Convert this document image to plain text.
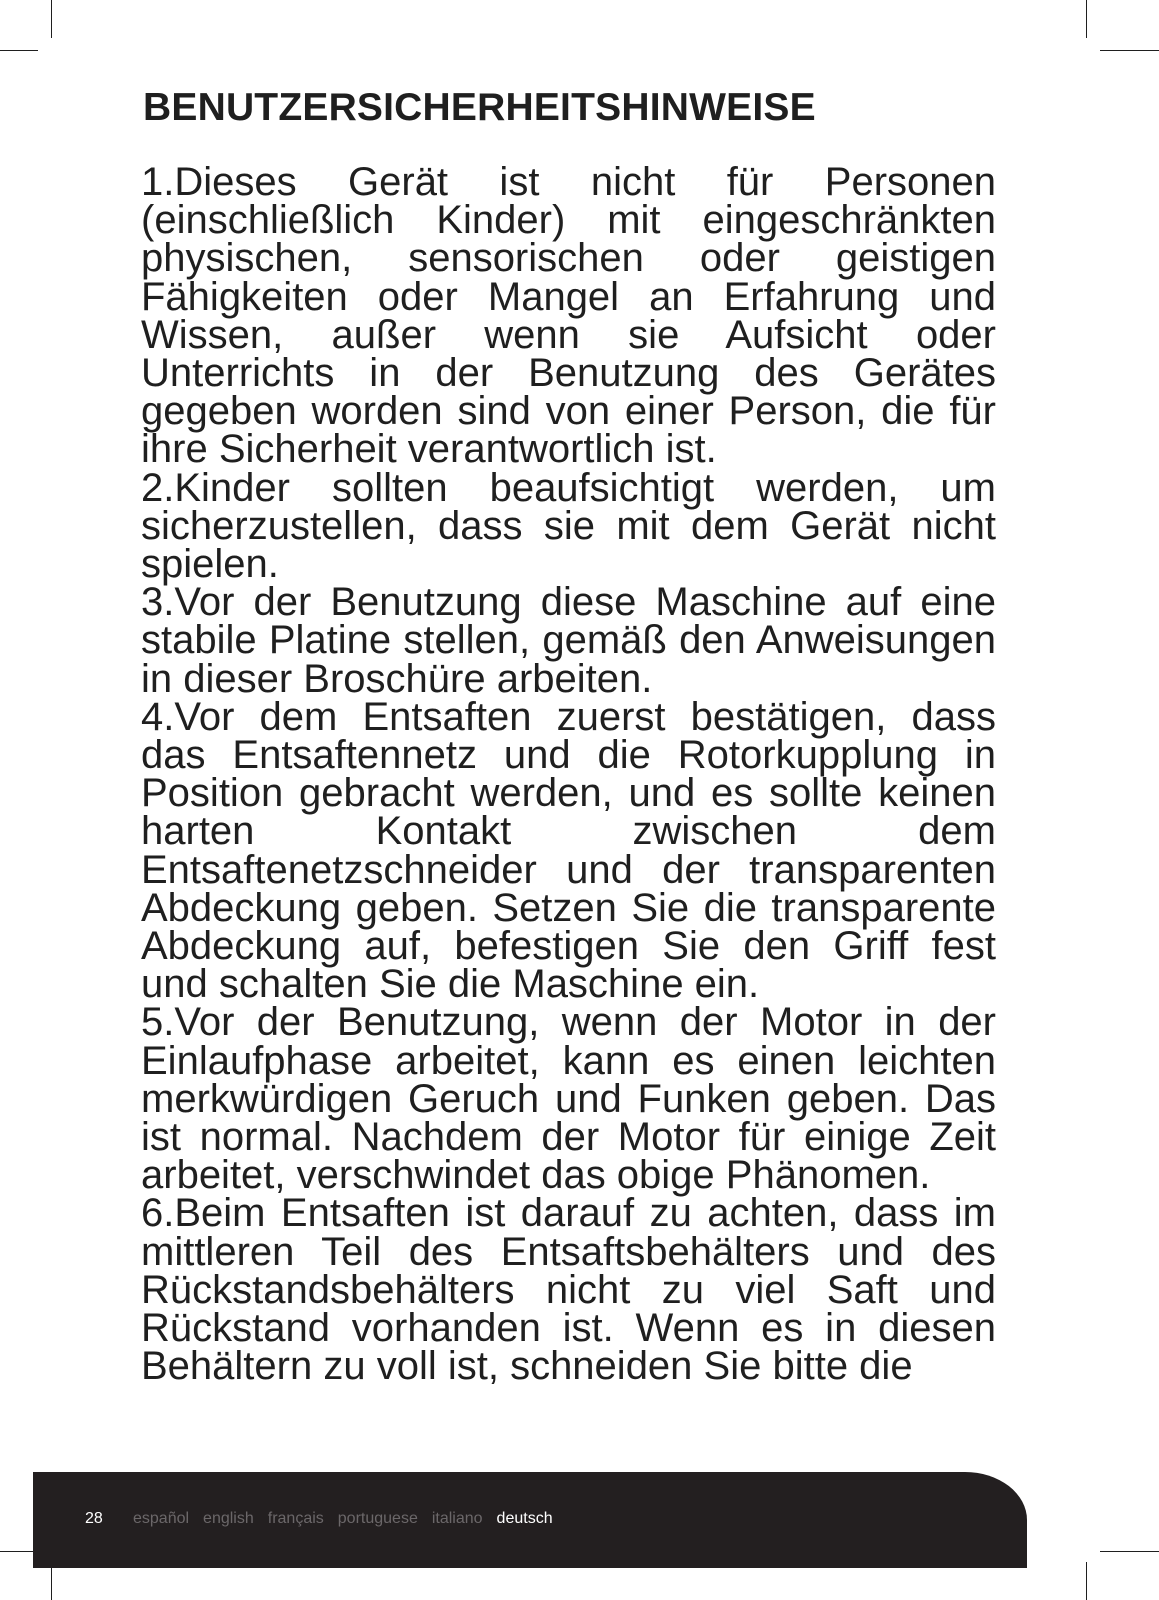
BENUTZERSICHERHEITSHINWEISE

1.Dieses Gerät ist nicht für Personen (einschließlich Kinder) mit eingeschränkten physischen, sensorischen oder geistigen Fähigkeiten oder Mangel an Erfahrung und Wissen, außer wenn sie Aufsicht oder Unterrichts in der Benutzung des Gerätes gegeben worden sind von einer Person, die für ihre Sicherheit verantwortlich ist.

2.Kinder sollten beaufsichtigt werden, um sicherzustellen, dass sie mit dem Gerät nicht spielen.

3.Vor der Benutzung diese Maschine auf eine stabile Platine stellen, gemäß den Anweisungen in dieser Broschüre arbeiten.

4.Vor dem Entsaften zuerst bestätigen, dass das Entsaftennetz und die Rotorkupplung in Position gebracht werden, und es sollte keinen harten Kontakt zwischen dem Entsaftenetzschneider und der transparenten Abdeckung geben. Setzen Sie die transparente Abdeckung auf, befestigen Sie den Griff fest und schalten Sie die Maschine ein.

5.Vor der Benutzung, wenn der Motor in der Einlaufphase arbeitet, kann es einen leichten merkwürdigen Geruch und Funken geben. Das ist normal. Nachdem der Motor für einige Zeit arbeitet, verschwindet das obige Phänomen.

6.Beim Entsaften ist darauf zu achten, dass im mittleren Teil des Entsaftsbehälters und des Rückstandsbehälters nicht zu viel Saft und Rückstand vorhanden ist. Wenn es in diesen Behältern zu voll ist, schneiden Sie bitte die

28 español english français portuguese italiano deutsch
